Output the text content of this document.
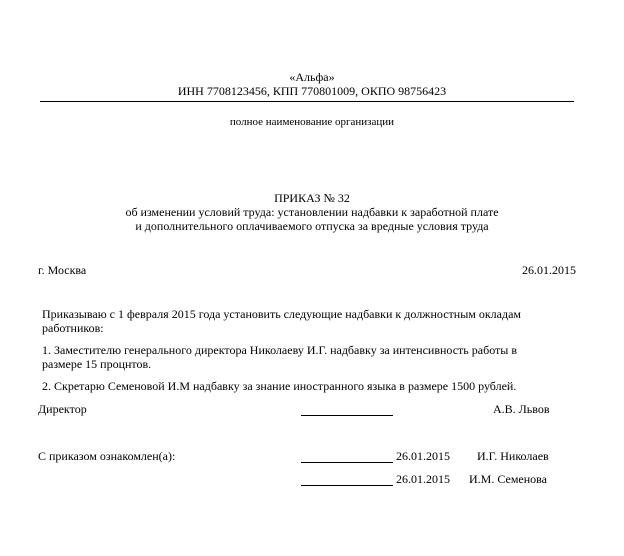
«Альфа»
ИНН 7708123456, КПП 770801009, ОКПО 98756423
полное наименование организации
ПРИКАЗ № 32
об изменении условий труда: установлении надбавки к заработной плате
и дополнительного оплачиваемого отпуска за вредные условия труда
г. Москва	26.01.2015
Приказываю с 1 февраля 2015 года установить следующие надбавки к должностным окладам
работников:
1. Заместителю генерального директора Николаеву И.Г. надбавку за интенсивность работы в
размере 15 процнтов.
2. Скретарю Семеновой И.М надбавку за знание иностранного языка в размере 1500 рублей.
Директор	А.В. Львов
С приказом ознакомлен(а):	26.01.2015 И.Г. Николаев
26.01.2015 И.М. Семенова
